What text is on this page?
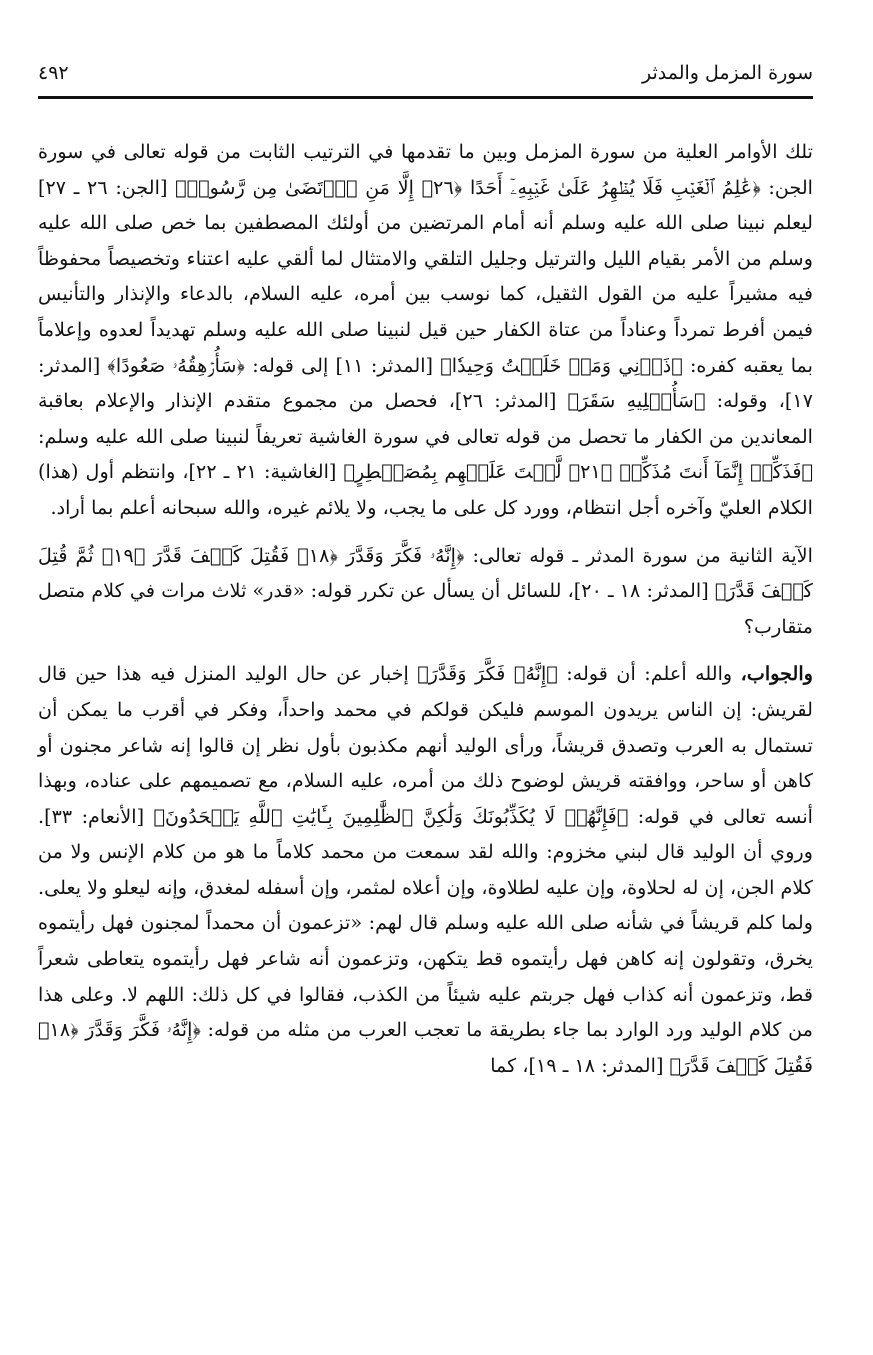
سورة المزمل والمدثر
٤٩٢

تلك الأوامر العلية من سورة المزمل وبين ما تقدمها في الترتيب الثابت من قوله تعالى في سورة الجن: ﴿عَٰلِمُ ٱلۡغَيۡبِ فَلَا يُظۡهِرُ عَلَىٰ غَيۡبِهِۦٓ أَحَدًا ﴿٢٦﴾ إِلَّا مَنِ ٱرۡتَضَىٰ مِن رَّسُولٖ﴾ [الجن: ٢٦ ـ ٢٧] ليعلم نبينا صلى الله عليه وسلم أنه أمام المرتضين من أولئك المصطفين بما خص صلى الله عليه وسلم من الأمر بقيام الليل والترتيل وجليل التلقي والامتثال لما ألقي عليه اعتناء وتخصيصاً محفوظاً فيه مشيراً عليه من القول الثقيل، كما نوسب بين أمره، عليه السلام، بالدعاء والإنذار والتأنيس فيمن أفرط تمرداً وعناداً من عتاة الكفار حين قيل لنبينا صلى الله عليه وسلم تهديداً لعدوه وإعلاماً بما يعقبه كفره: ﴿ذَرۡنِي وَمَنۡ خَلَقۡتُ وَحِيدٗا﴾ [المدثر: ١١] إلى قوله: ﴿سَأُرۡهِقُهُۥ صَعُودًا﴾ [المدثر: ١٧]، وقوله: ﴿سَأُصۡلِيهِ سَقَرَ﴾ [المدثر: ٢٦]، فحصل من مجموع متقدم الإنذار والإعلام بعاقبة المعاندين من الكفار ما تحصل من قوله تعالى في سورة الغاشية تعريفاً لنبينا صلى الله عليه وسلم: ﴿فَذَكِّرۡ إِنَّمَآ أَنتَ مُذَكِّرٞ ﴿٢١﴾ لَّسۡتَ عَلَيۡهِم بِمُصَيۡطِرٍ﴾ [الغاشية: ٢١ ـ ٢٢]، وانتظم أول (هذا) الكلام العليّ وآخره أجل انتظام، وورد كل على ما يجب، ولا يلائم غيره، والله سبحانه أعلم بما أراد.

الآية الثانية من سورة المدثر ـ قوله تعالى: ﴿إِنَّهُۥ فَكَّرَ وَقَدَّرَ ﴿١٨﴾ فَقُتِلَ كَيۡفَ قَدَّرَ ﴿١٩﴾ ثُمَّ قُتِلَ كَيۡفَ قَدَّرَ﴾ [المدثر: ١٨ ـ ٢٠]، للسائل أن يسأل عن تكرر قوله: «قدر» ثلاث مرات في كلام متصل متقارب؟

والجواب، والله أعلم: أن قوله: ﴿إِنَّهُۥ فَكَّرَ وَقَدَّرَ﴾ إخبار عن حال الوليد المنزل فيه هذا حين قال لقريش: إن الناس يريدون الموسم فليكن قولكم في محمد واحداً، وفكر في أقرب ما يمكن أن تستمال به العرب وتصدق قريشاً، ورأى الوليد أنهم مكذبون بأول نظر إن قالوا إنه شاعر مجنون أو كاهن أو ساحر، ووافقته قريش لوضوح ذلك من أمره، عليه السلام، مع تصميمهم على عناده، وبهذا أنسه تعالى في قوله: ﴿فَإِنَّهُمۡ لَا يُكَذِّبُونَكَ وَلَٰكِنَّ ٱلظَّٰلِمِينَ بِـَٔايَٰتِ ٱللَّهِ يَجۡحَدُونَ﴾ [الأنعام: ٣٣]. وروي أن الوليد قال لبني مخزوم: والله لقد سمعت من محمد كلاماً ما هو من كلام الإنس ولا من كلام الجن، إن له لحلاوة، وإن عليه لطلاوة، وإن أعلاه لمثمر، وإن أسفله لمغدق، وإنه ليعلو ولا يعلى. ولما كلم قريشاً في شأنه صلى الله عليه وسلم قال لهم: «تزعمون أن محمداً لمجنون فهل رأيتموه يخرق، وتقولون إنه كاهن فهل رأيتموه قط يتكهن، وتزعمون أنه شاعر فهل رأيتموه يتعاطى شعراً قط، وتزعمون أنه كذاب فهل جربتم عليه شيئاً من الكذب، فقالوا في كل ذلك: اللهم لا. وعلى هذا من كلام الوليد ورد الوارد بما جاء بطريقة ما تعجب العرب من مثله من قوله: ﴿إِنَّهُۥ فَكَّرَ وَقَدَّرَ ﴿١٨﴾ فَقُتِلَ كَيۡفَ قَدَّرَ﴾ [المدثر: ١٨ ـ ١٩]، كما
